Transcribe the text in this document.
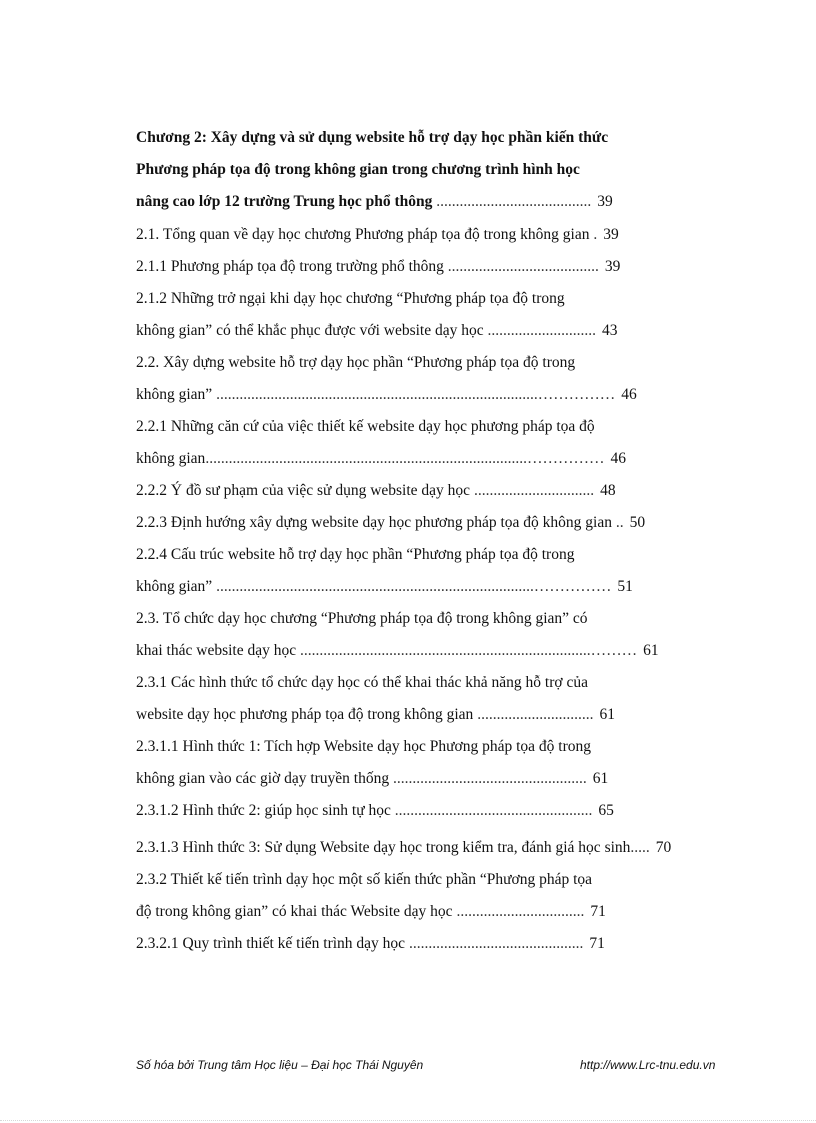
Chương 2: Xây dựng và sử dụng website hỗ trợ dạy học phần kiến thức
Phương pháp tọa độ trong không gian trong chương trình hình học
nâng cao lớp 12 trường Trung học phổ thông ........................................ 39
2.1. Tổng quan về dạy học chương Phương pháp tọa độ trong không gian . 39
2.1.1 Phương pháp tọa độ trong trường phổ thông ....................................... 39
2.1.2 Những trở ngại khi dạy học chương “Phương pháp tọa độ trong
không gian” có thể khắc phục được với website dạy học ............................ 43
2.2. Xây dựng website hỗ trợ dạy học phần “Phương pháp tọa độ trong
không gian” ...................................................................................…………… 46
2.2.1 Những căn cứ của việc thiết kế website dạy học phương pháp tọa độ
không gian...................................................................................…………… 46
2.2.2 Ý đồ sư phạm của việc sử dụng website dạy học ............................... 48
2.2.3 Định hướng xây dựng website dạy học phương pháp tọa độ không gian .. 50
2.2.4 Cấu trúc website hỗ trợ dạy học phần “Phương pháp tọa độ trong
không gian” ..................................................................................…………… 51
2.3. Tổ chức dạy học chương “Phương pháp tọa độ trong không gian” có
khai thác website dạy học ...........................................................................……… 61
2.3.1 Các hình thức tổ chức dạy học có thể khai thác khả năng hỗ trợ của
website dạy học phương pháp tọa độ trong không gian .............................. 61
2.3.1.1 Hình thức 1: Tích hợp Website dạy học Phương pháp tọa độ trong
không gian vào các giờ dạy truyền thống .................................................. 61
2.3.1.2 Hình thức 2: giúp học sinh tự học ................................................... 65
2.3.1.3 Hình thức 3: Sử dụng Website dạy học trong kiểm tra, đánh giá học sinh..... 70
2.3.2 Thiết kế tiến trình dạy học một số kiến thức phần “Phương pháp tọa
độ trong không gian” có khai thác Website dạy học ................................. 71
2.3.2.1 Quy trình thiết kế tiến trình dạy học ............................................. 71
Số hóa bởi Trung tâm Học liệu – Đại học Thái Nguyên	http://www.Lrc-tnu.edu.vn
